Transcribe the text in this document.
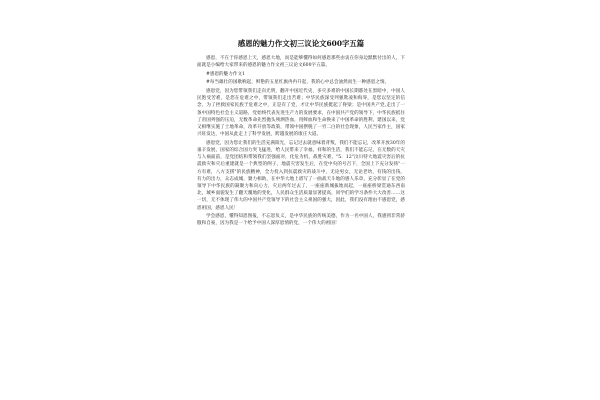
感恩的魅力作文初三议论文600字五篇

感恩，不在于你感恩上天，感恩大地，而是能够懂得如何感恩那些由衷在你身边默默付出的人，下面就是小编给大家带来的感恩的魅力作文初三议论文600字五篇。

#感恩的魅力作文1

#每当雄壮的国歌响起，鲜艳的五星红旗冉冉升起，我的心中总会油然而生一种感恩之情。

感恩党，因为您带领我们走向光明，翻开中国近代史，多灾多难的中国长期都处在黑暗中，中国人民饱受苦难，是您在危难之中，带领我们走出苦难；中华民族深受列强欺凌和侮辱，是您以坚定的信念，为了拯救国家民族于危难之中，正是有了党，才让中华民族挺起了脊梁；是中国共产党,走出了一条中国特色社会主义道路，党始终代表先进生产力的发展要求，在中国共产党的领导下，中华民族抵住了帝国列强的压迫，无数革命先烈抛头颅洒热血，用鲜血和生命换来了中国革命的胜利，建国以来，党又相继实施了土地革命，改革开放等政策，带领中国摆脱了一穷二白的社会现象，人民当家作主，国家兴旺发达，中国从此走上了科学发展，跨越发展的康庄大道。

感恩党，因为您让我们的生活充满阳光，忘记过去就意味着背叛，我们不能忘记，改革开放30年的艰辛发展，国家的综合国力突飞猛进，给人民带来了幸福，祥和的生活，我们不能忘记，在无数的天灾与人祸面前，是党团结和带领我们坚强面对，化危为机，战胜灾难，"5．12"汶川特大地震灾害后的抗震救灾和灾后重建就是一个典型的例子，地震灾害发生后，在党中央的号召下，全国上下充分发扬"一方有难，八方支援"的民族精神，全力投入到抗震救灾的战斗中，无论男女，无论老幼，有钱的出钱，有力的出力，众志成城，勠力相助，在中华大地上谱写了一曲战天斗地的感人乐章，充分彰显了在党的领导下中华民族的凝聚力和向心力，灾后两年过去了，一座座新城拔地而起，一座座桥梁贯通东西南北，城乡面貌发生了翻天覆地的变化，人民群众生活质量显著提高，同学们的学习条件大大改善……这一切，无不体现了伟大的中国共产党领导下的社会主义祖国的强大，因此，我们没有理由不感恩党，感恩祖国，感恩人民！

学会感恩，懂得知恩图报，不忘恩负义，是中华民族的传统美德，作为一名中国人，我感到非常骄傲和自豪，因为我是一个给予中国人深厚恩情的党，一个伟大的祖国！
